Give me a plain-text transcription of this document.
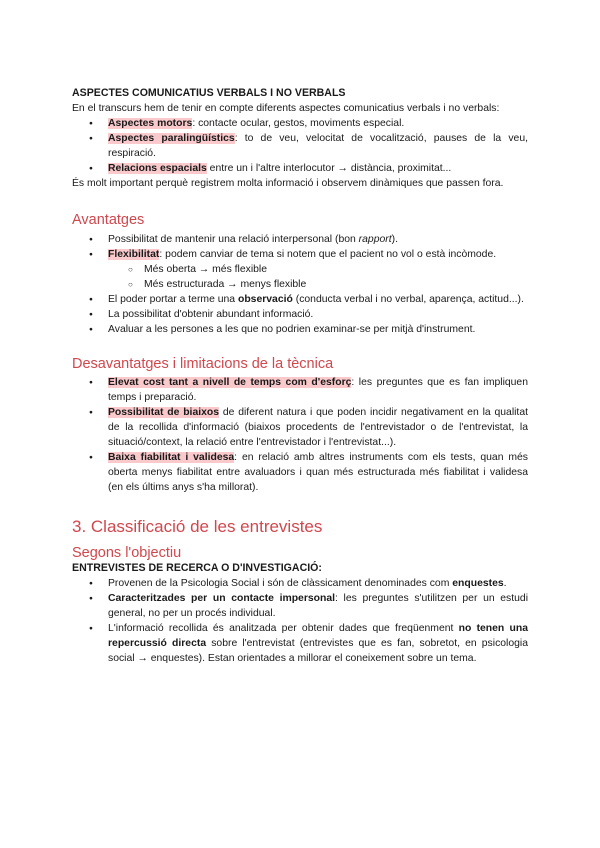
ASPECTES COMUNICATIUS VERBALS I NO VERBALS

En el transcurs hem de tenir en compte diferents aspectes comunicatius verbals i no verbals:

● Aspectes motors: contacte ocular, gestos, moviments especial.
● Aspectes paralingüístics: to de veu, velocitat de vocalització, pauses de la veu, respiració.
● Relacions espacials entre un i l'altre interlocutor → distància, proximitat...

És molt important perquè registrem molta informació i observem dinàmiques que passen fora.

Avantatges
● Possibilitat de mantenir una relació interpersonal (bon rapport).
● Flexibilitat: podem canviar de tema si notem que el pacient no vol o està incòmode.
○ Més oberta → més flexible
○ Més estructurada → menys flexible
● El poder portar a terme una observació (conducta verbal i no verbal, aparença, actitud...).
● La possibilitat d'obtenir abundant informació.
● Avaluar a les persones a les que no podrien examinar-se per mitjà d'instrument.
Desavantatges i limitacions de la tècnica
● Elevat cost tant a nivell de temps com d'esforç: les preguntes que es fan impliquen temps i preparació.
● Possibilitat de biaixos de diferent natura i que poden incidir negativament en la qualitat de la recollida d'informació (biaixos procedents de l'entrevistador o de l'entrevistat, la situació/context, la relació entre l'entrevistador i l'entrevistat...).
● Baixa fiabilitat i validesa: en relació amb altres instruments com els tests, quan més oberta menys fiabilitat entre avaluadors i quan més estructurada més fiabilitat i validesa (en els últims anys s'ha millorat).
3. Classificació de les entrevistes
Segons l'objectiu
ENTREVISTES DE RECERCA O D'INVESTIGACIÓ:
● Provenen de la Psicologia Social i són de clàssicament denominades com enquestes.
● Caracteritzades per un contacte impersonal: les preguntes s'utilitzen per un estudi general, no per un procés individual.
● L'informació recollida és analitzada per obtenir dades que freqüenment no tenen una repercussió directa sobre l'entrevistat (entrevistes que es fan, sobretot, en psicologia social → enquestes). Estan orientades a millorar el coneixement sobre un tema.
